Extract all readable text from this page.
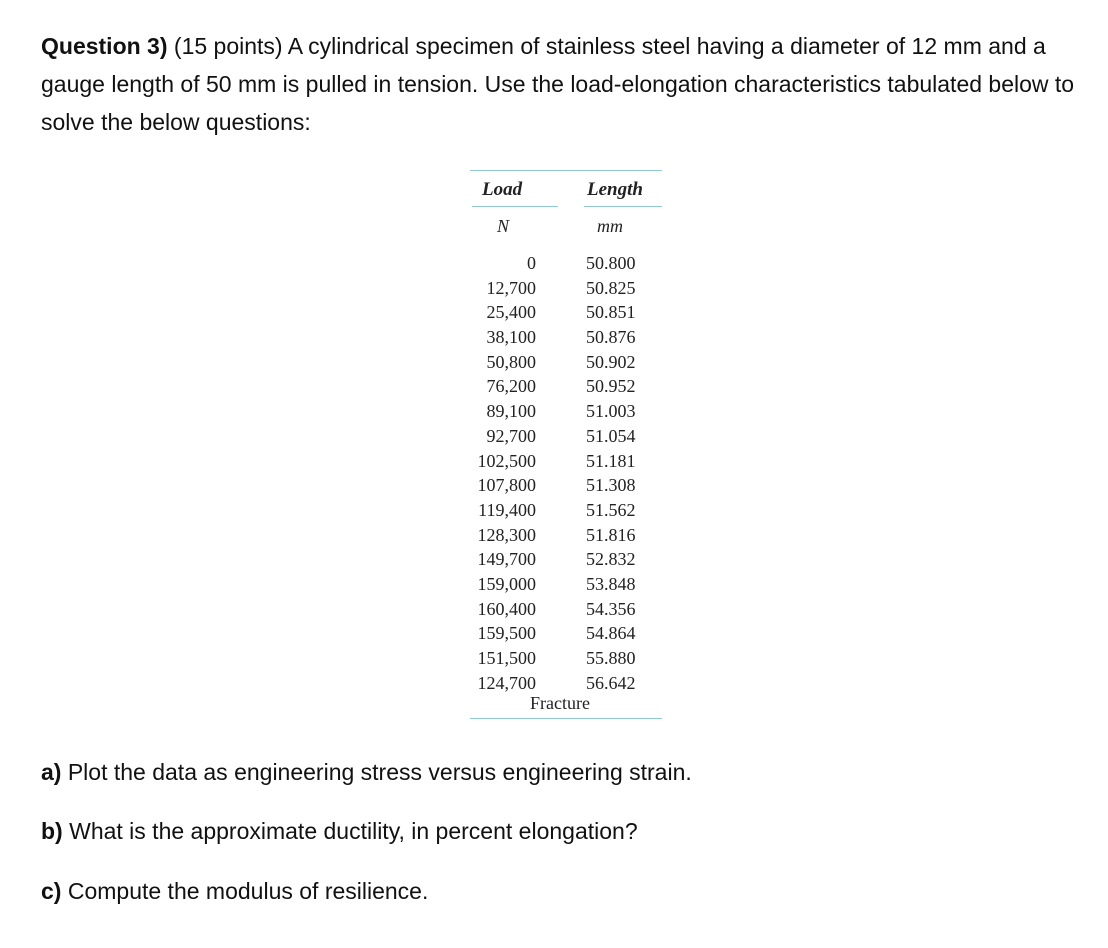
Question 3) (15 points) A cylindrical specimen of stainless steel having a diameter of 12 mm and a gauge length of 50 mm is pulled in tension. Use the load-elongation characteristics tabulated below to solve the below questions:

Load	Length
N	mm
0	50.800
12,700	50.825
25,400	50.851
38,100	50.876
50,800	50.902
76,200	50.952
89,100	51.003
92,700	51.054
102,500	51.181
107,800	51.308
119,400	51.562
128,300	51.816
149,700	52.832
159,000	53.848
160,400	54.356
159,500	54.864
151,500	55.880
124,700	56.642
Fracture

a) Plot the data as engineering stress versus engineering strain.

b) What is the approximate ductility, in percent elongation?

c) Compute the modulus of resilience.
